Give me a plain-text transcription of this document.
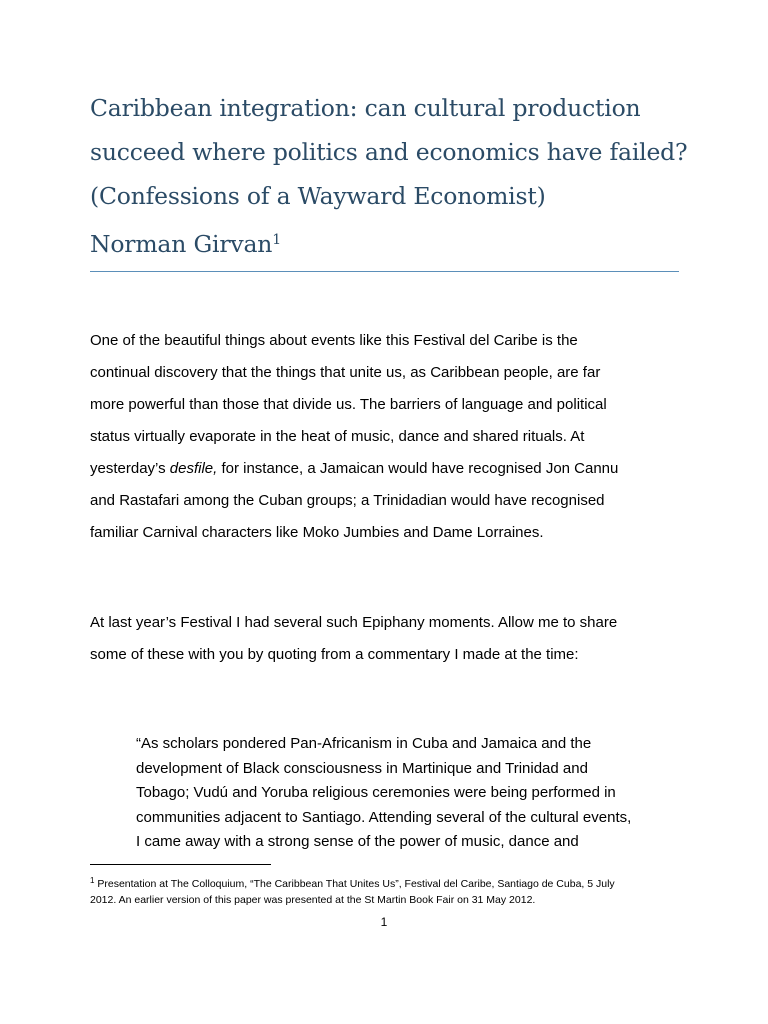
Caribbean integration: can cultural production
succeed where politics and economics have failed?
(Confessions of a Wayward Economist)
Norman Girvan$^1$
One of the beautiful things about events like this Festival del Caribe is the
continual discovery that the things that unite us, as Caribbean people, are far
more powerful than those that divide us. The barriers of language and political
status virtually evaporate in the heat of music, dance and shared rituals. At
yesterday’s desfile, for instance, a Jamaican would have recognised Jon Cannu
and Rastafari among the Cuban groups; a Trinidadian would have recognised
familiar Carnival characters like Moko Jumbies and Dame Lorraines.
At last year’s Festival I had several such Epiphany moments. Allow me to share
some of these with you by quoting from a commentary I made at the time:
“As scholars pondered Pan-Africanism in Cuba and Jamaica and the
development of Black consciousness in Martinique and Trinidad and
Tobago; Vudú and Yoruba religious ceremonies were being performed in
communities adjacent to Santiago. Attending several of the cultural events,
I came away with a strong sense of the power of music, dance and
$^1$ Presentation at The Colloquium, “The Caribbean That Unites Us”, Festival del Caribe, Santiago de Cuba, 5 July
2012. An earlier version of this paper was presented at the St Martin Book Fair on 31 May 2012.
1
